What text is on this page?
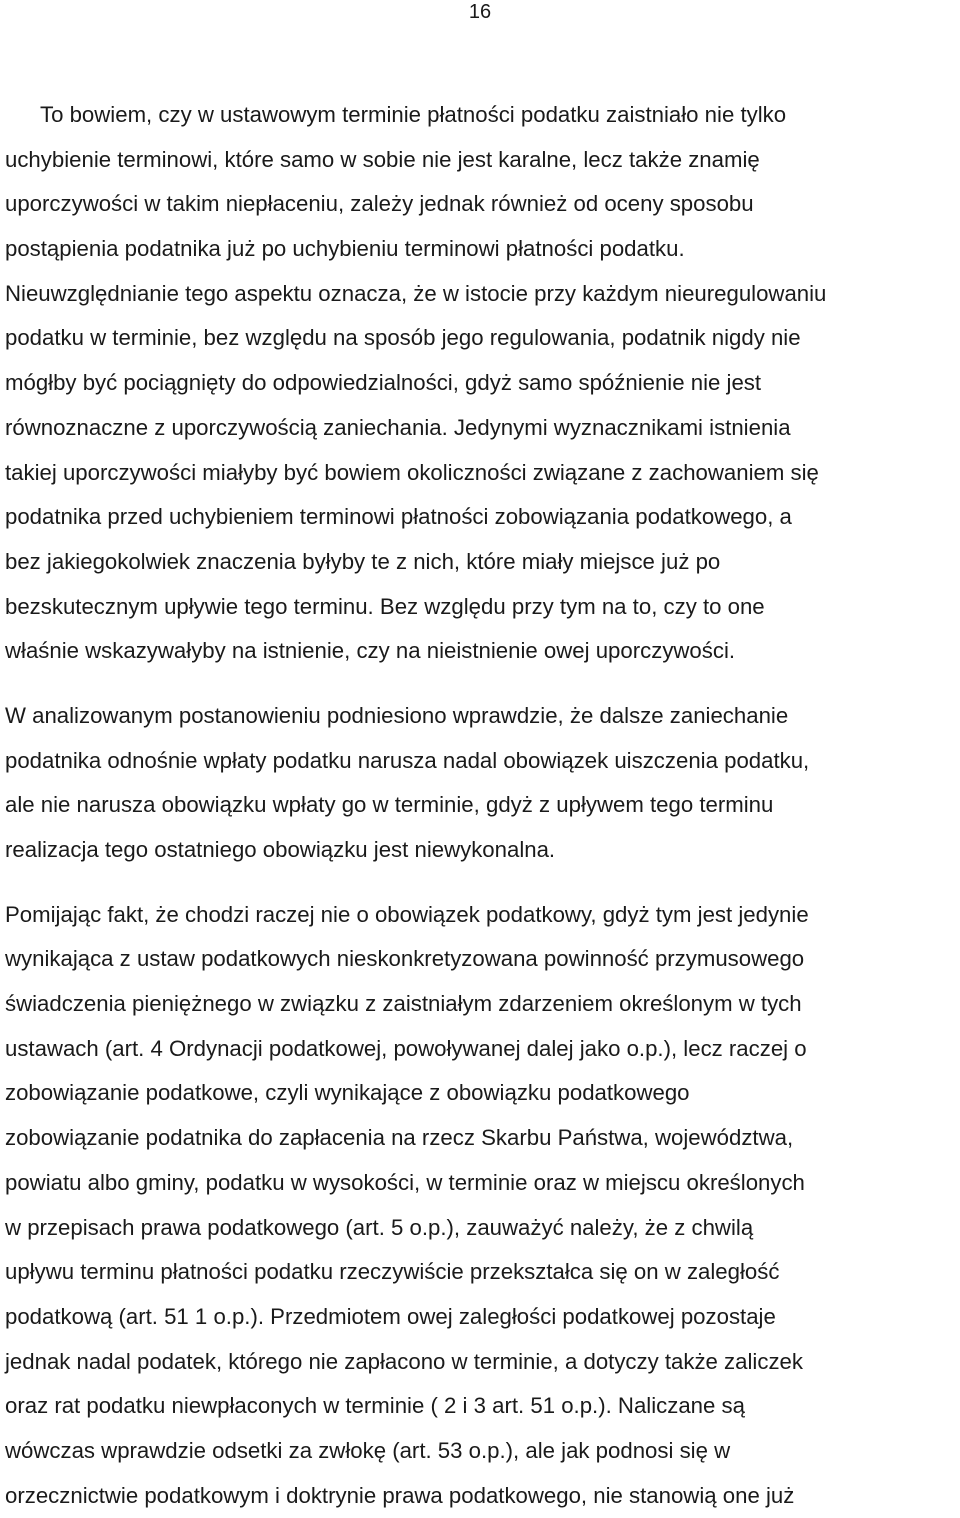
16

To bowiem, czy w ustawowym terminie płatności podatku zaistniało nie tylko
uchybienie terminowi, które samo w sobie nie jest karalne, lecz także znamię
uporczywości w takim niepłaceniu, zależy jednak również od oceny sposobu
postąpienia podatnika już po uchybieniu terminowi płatności podatku.
Nieuwzględnianie tego aspektu oznacza, że w istocie przy każdym nieuregulowaniu
podatku w terminie, bez względu na sposób jego regulowania, podatnik nigdy nie
mógłby być pociągnięty do odpowiedzialności, gdyż samo spóźnienie nie jest
równoznaczne z uporczywością zaniechania. Jedynymi wyznacznikami istnienia
takiej uporczywości miałyby być bowiem okoliczności związane z zachowaniem się
podatnika przed uchybieniem terminowi płatności zobowiązania podatkowego, a
bez jakiegokolwiek znaczenia byłyby te z nich, które miały miejsce już po
bezskutecznym upływie tego terminu. Bez względu przy tym na to, czy to one
właśnie wskazywałyby na istnienie, czy na nieistnienie owej uporczywości.

W analizowanym postanowieniu podniesiono wprawdzie, że dalsze zaniechanie
podatnika odnośnie wpłaty podatku narusza nadal obowiązek uiszczenia podatku,
ale nie narusza obowiązku wpłaty go w terminie, gdyż z upływem tego terminu
realizacja tego ostatniego obowiązku jest niewykonalna.

Pomijając fakt, że chodzi raczej nie o obowiązek podatkowy, gdyż tym jest jedynie
wynikająca z ustaw podatkowych nieskonkretyzowana powinność przymusowego
świadczenia pieniężnego w związku z zaistniałym zdarzeniem określonym w tych
ustawach (art. 4 Ordynacji podatkowej, powoływanej dalej jako o.p.), lecz raczej o
zobowiązanie podatkowe, czyli wynikające z obowiązku podatkowego
zobowiązanie podatnika do zapłacenia na rzecz Skarbu Państwa, województwa,
powiatu albo gminy, podatku w wysokości, w terminie oraz w miejscu określonych
w przepisach prawa podatkowego (art. 5 o.p.), zauważyć należy, że z chwilą
upływu terminu płatności podatku rzeczywiście przekształca się on w zaległość
podatkową (art. 51 1 o.p.). Przedmiotem owej zaległości podatkowej pozostaje
jednak nadal podatek, którego nie zapłacono w terminie, a dotyczy także zaliczek
oraz rat podatku niewpłaconych w terminie ( 2 i 3 art. 51 o.p.). Naliczane są
wówczas wprawdzie odsetki za zwłokę (art. 53 o.p.), ale jak podnosi się w
orzecznictwie podatkowym i doktrynie prawa podatkowego, nie stanowią one już
